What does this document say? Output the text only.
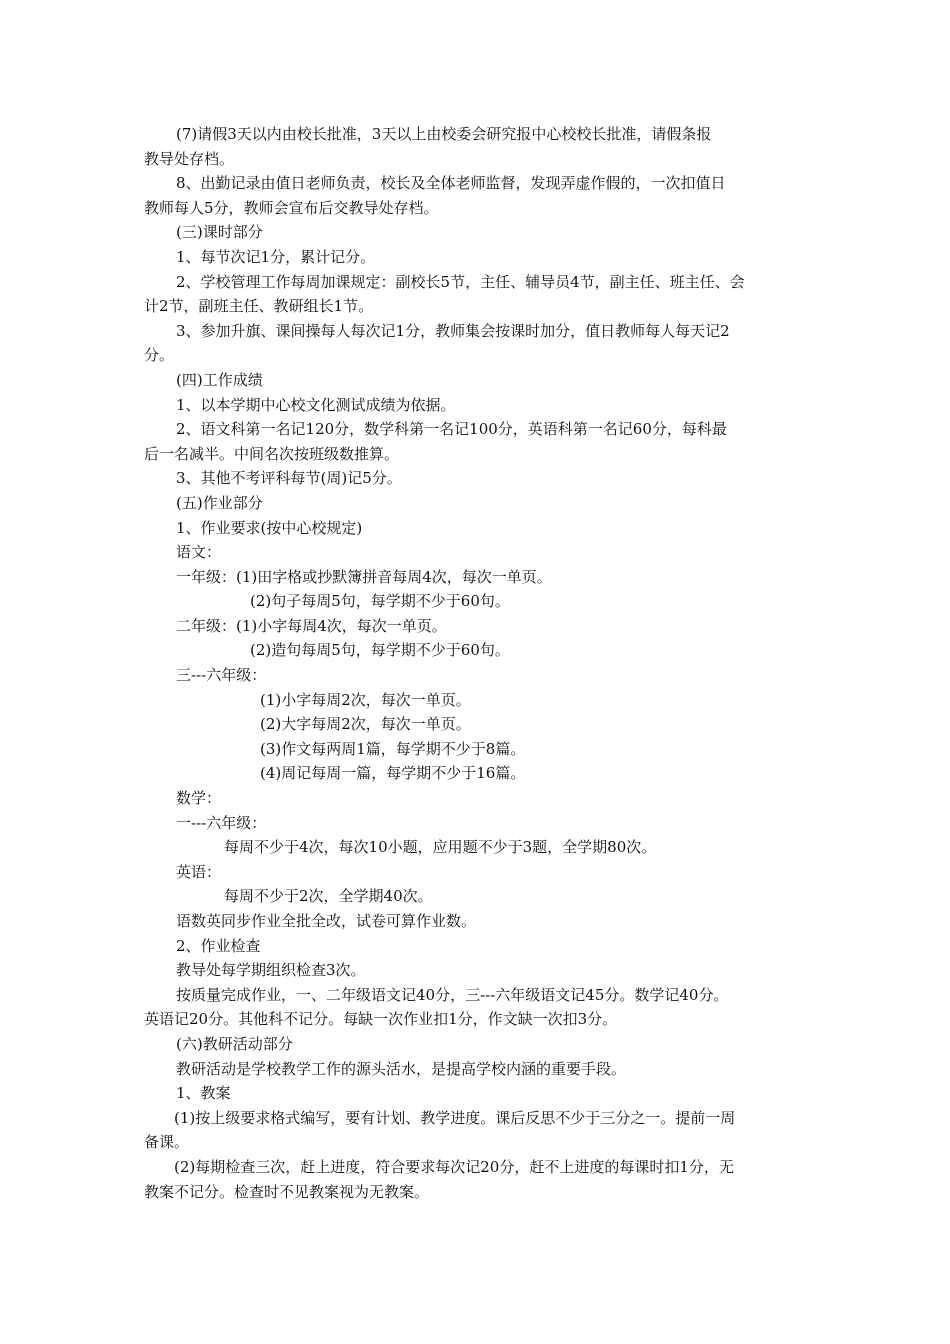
(7)请假3天以内由校长批准，3天以上由校委会研究报中心校校长批准，请假条报

教导处存档。

8、出勤记录由值日老师负责，校长及全体老师监督，发现弄虚作假的，一次扣值日

教师每人5分，教师会宣布后交教导处存档。

(三)课时部分

1、每节次记1分，累计记分。

2、学校管理工作每周加课规定：副校长5节，主任、辅导员4节，副主任、班主任、会

计2节，副班主任、教研组长1节。

3、参加升旗、课间操每人每次记1分，教师集会按课时加分，值日教师每人每天记2

分。

(四)工作成绩

1、以本学期中心校文化测试成绩为依据。

2、语文科第一名记120分，数学科第一名记100分，英语科第一名记60分，每科最

后一名减半。中间名次按班级数推算。

3、其他不考评科每节(周)记5分。

(五)作业部分

1、作业要求(按中心校规定)

语文：

一年级：(1)田字格或抄默簿拼音每周4次，每次一单页。

(2)句子每周5句，每学期不少于60句。

二年级：(1)小字每周4次，每次一单页。

(2)造句每周5句，每学期不少于60句。

三---六年级：

(1)小字每周2次，每次一单页。

(2)大字每周2次，每次一单页。

(3)作文每两周1篇，每学期不少于8篇。

(4)周记每周一篇，每学期不少于16篇。

数学：

一---六年级：

每周不少于4次，每次10小题，应用题不少于3题，全学期80次。

英语：

每周不少于2次，全学期40次。

语数英同步作业全批全改，试卷可算作业数。

2、作业检查

教导处每学期组织检查3次。

按质量完成作业，一、二年级语文记40分，三---六年级语文记45分。数学记40分。

英语记20分。其他科不记分。每缺一次作业扣1分，作文缺一次扣3分。

(六)教研活动部分

教研活动是学校教学工作的源头活水，是提高学校内涵的重要手段。

1、教案

(1)按上级要求格式编写，要有计划、教学进度。课后反思不少于三分之一。提前一周

备课。

(2)每期检查三次，赶上进度，符合要求每次记20分，赶不上进度的每课时扣1分，无

教案不记分。检查时不见教案视为无教案。
